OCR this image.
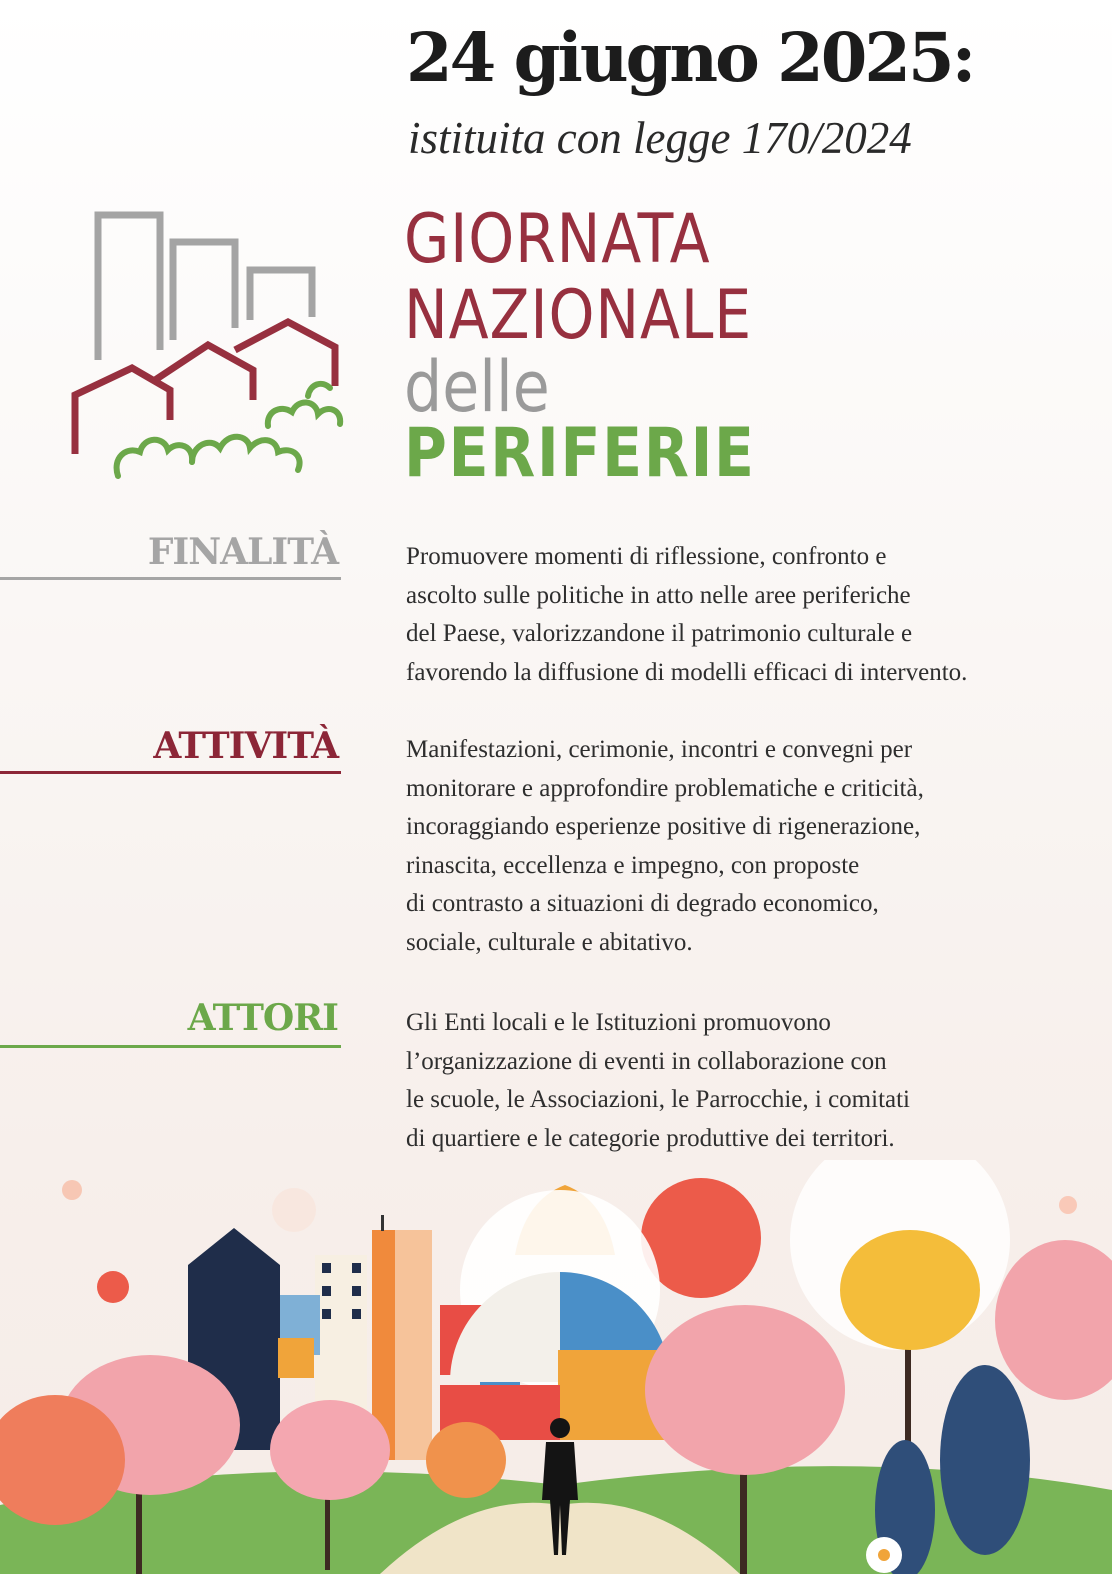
24 giugno 2025:
istituita con legge 170/2024
GIORNATA
NAZIONALE
delle
PERIFERIE
FINALITÀ	Promuovere momenti di riflessione, confronto e
ascolto sulle politiche in atto nelle aree periferiche
del Paese, valorizzandone il patrimonio culturale e
favorendo la diffusione di modelli efficaci di intervento.
ATTIVITÀ	Manifestazioni, cerimonie, incontri e convegni per
monitorare e approfondire problematiche e criticità,
incoraggiando esperienze positive di rigenerazione,
rinascita, eccellenza e impegno, con proposte
di contrasto a situazioni di degrado economico,
sociale, culturale e abitativo.
ATTORI	Gli Enti locali e le Istituzioni promuovono
l’organizzazione di eventi in collaborazione con
le scuole, le Associazioni, le Parrocchie, i comitati
di quartiere e le categorie produttive dei territori.
